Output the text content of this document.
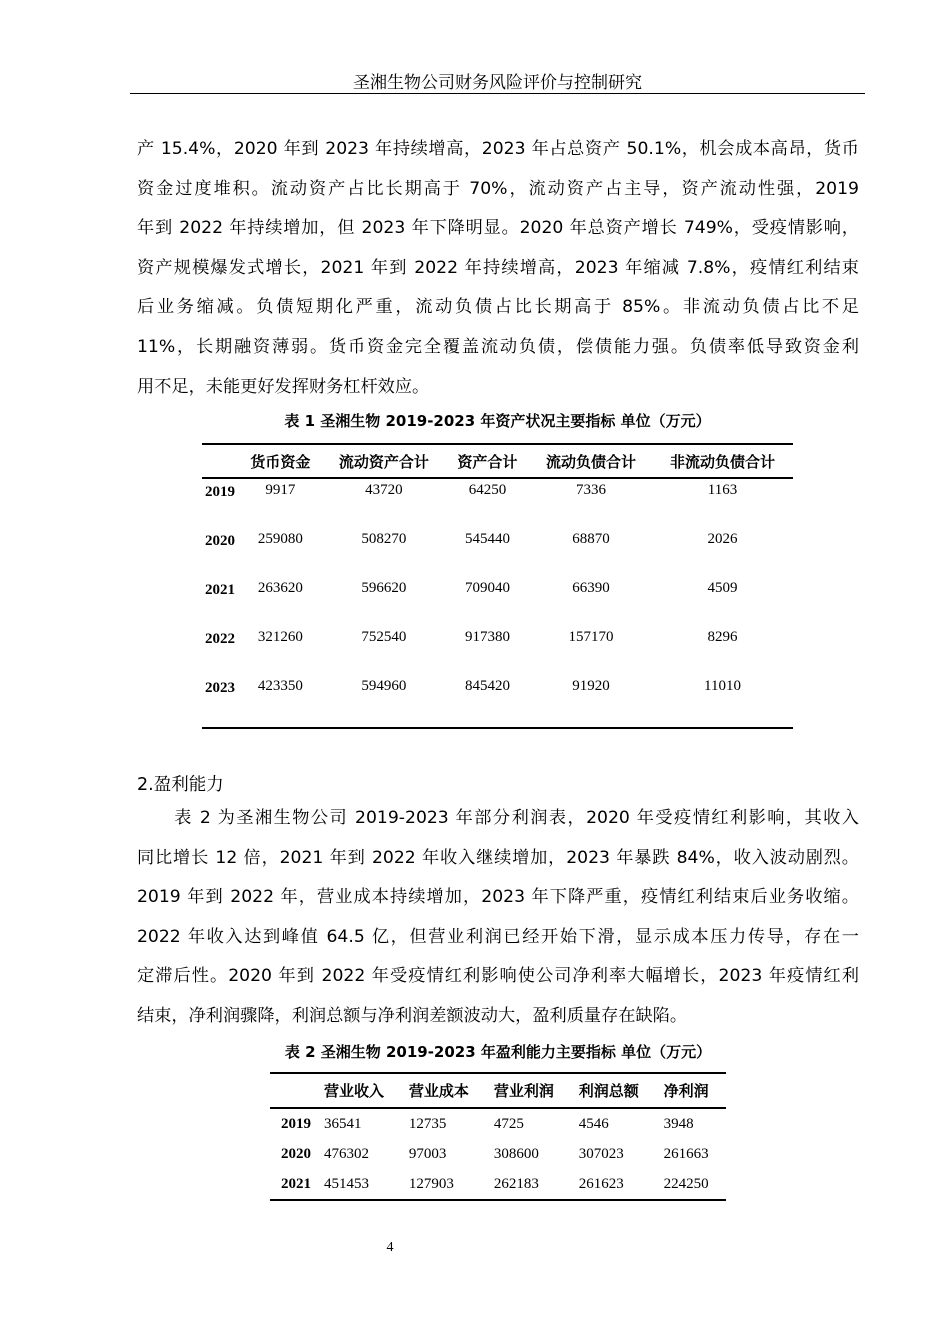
圣湘生物公司财务风险评价与控制研究
产 15.4%，2020 年到 2023 年持续增高，2023 年占总资产 50.1%，机会成本高昂，货币
资金过度堆积。流动资产占比长期高于 70%，流动资产占主导，资产流动性强，2019
年到 2022 年持续增加，但 2023 年下降明显。2020 年总资产增长 749%，受疫情影响，
资产规模爆发式增长，2021 年到 2022 年持续增高，2023 年缩减 7.8%，疫情红利结束
后业务缩减。负债短期化严重，流动负债占比长期高于 85%。非流动负债占比不足
11%，长期融资薄弱。货币资金完全覆盖流动负债，偿债能力强。负债率低导致资金利
用不足，未能更好发挥财务杠杆效应。
表 1 圣湘生物 2019-2023 年资产状况主要指标 单位（万元）
	货币资金	流动资产合计	资产合计	流动负债合计	非流动负债合计
2019	9917	43720	64250	7336	1163
2020	259080	508270	545440	68870	2026
2021	263620	596620	709040	66390	4509
2022	321260	752540	917380	157170	8296
2023	423350	594960	845420	91920	11010
2.盈利能力
　　表 2 为圣湘生物公司 2019-2023 年部分利润表，2020 年受疫情红利影响，其收入
同比增长 12 倍，2021 年到 2022 年收入继续增加，2023 年暴跌 84%，收入波动剧烈。
2019 年到 2022 年，营业成本持续增加，2023 年下降严重，疫情红利结束后业务收缩。
2022 年收入达到峰值 64.5 亿，但营业利润已经开始下滑，显示成本压力传导，存在一
定滞后性。2020 年到 2022 年受疫情红利影响使公司净利率大幅增长，2023 年疫情红利
结束，净利润骤降，利润总额与净利润差额波动大，盈利质量存在缺陷。
表 2 圣湘生物 2019-2023 年盈利能力主要指标 单位（万元）
	营业收入	营业成本	营业利润	利润总额	净利润
2019	36541	12735	4725	4546	3948
2020	476302	97003	308600	307023	261663
2021	451453	127903	262183	261623	224250
4
